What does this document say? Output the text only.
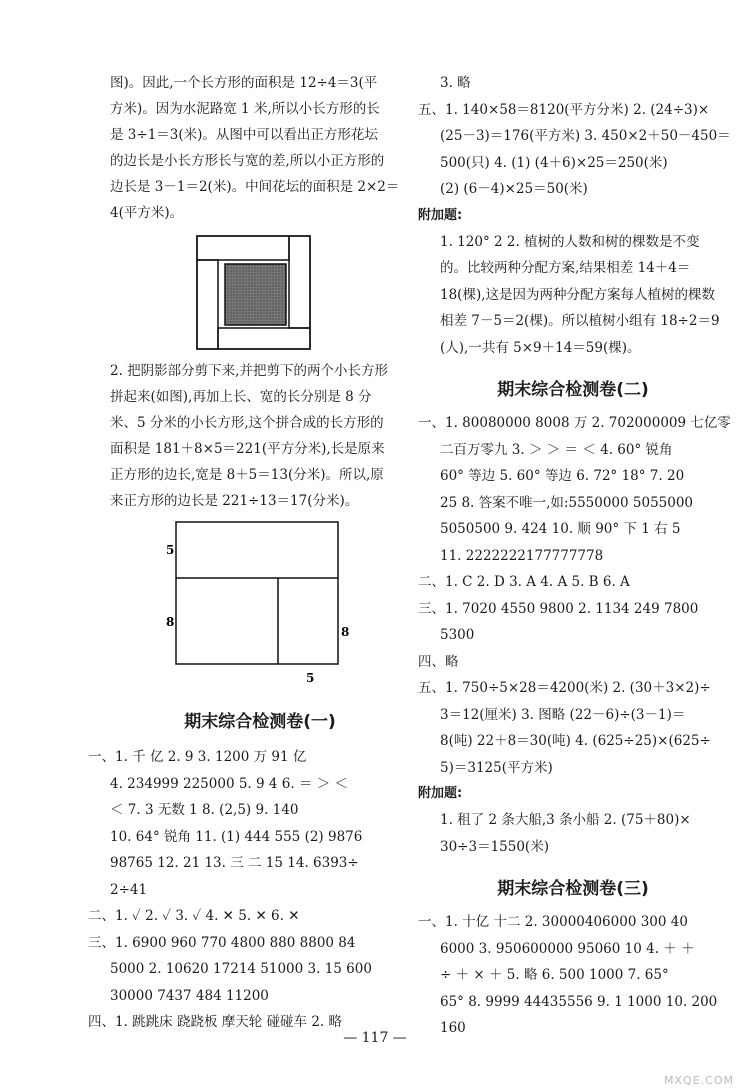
图)。因此,一个长方形的面积是 12÷4＝3(平

方米)。因为水泥路宽 1 米,所以小长方形的长

是 3÷1＝3(米)。从图中可以看出正方形花坛

的边长是小长方形长与宽的差,所以小正方形的

边长是 3－1＝2(米)。中间花坛的面积是 2×2＝

4(平方米)。

2. 把阴影部分剪下来,并把剪下的两个小长方形

拼起来(如图),再加上长、宽的长分别是 8 分

米、5 分米的小长方形,这个拼合成的长方形的

面积是 181＋8×5＝221(平方分米),长是原来

正方形的边长,宽是 8＋5＝13(分米)。所以,原

来正方形的边长是 221÷13＝17(分米)。

5
8
8
5

期末综合检测卷(一)

一、1. 千 亿 2. 9 3. 1200 万 91 亿

4. 234999 225000 5. 9 4 6. ＝ ＞ ＜

＜ 7. 3 无数 1 8. (2,5) 9. 140

10. 64° 锐角 11. (1) 444 555 (2) 9876

98765 12. 21 13. 三 二 15 14. 6393÷

2÷41

二、1. ✓ 2. ✓ 3. ✓ 4. ✕ 5. ✕ 6. ✕

三、1. 6900 960 770 4800 880 8800 84

5000 2. 10620 17214 51000 3. 15 600

30000 7437 484 11200

四、1. 跳跳床 跷跷板 摩天轮 碰碰车 2. 略

3. 略

五、1. 140×58＝8120(平方分米) 2. (24÷3)×

(25－3)＝176(平方米) 3. 450×2＋50－450＝

500(只) 4. (1) (4＋6)×25＝250(米)

(2) (6－4)×25＝50(米)

附加题:

1. 120° 2 2. 植树的人数和树的棵数是不变

的。比较两种分配方案,结果相差 14＋4＝

18(棵),这是因为两种分配方案每人植树的棵数

相差 7－5＝2(棵)。所以植树小组有 18÷2＝9

(人),一共有 5×9＋14＝59(棵)。

期末综合检测卷(二)

一、1. 80080000 8008 万 2. 702000009 七亿零

二百万零九 3. ＞ ＞ ＝ ＜ 4. 60° 锐角

60° 等边 5. 60° 等边 6. 72° 18° 7. 20

25 8. 答案不唯一,如:5550000 5055000

5050500 9. 424 10. 顺 90° 下 1 右 5

11. 2222222177777778

二、1. C 2. D 3. A 4. A 5. B 6. A

三、1. 7020 4550 9800 2. 1134 249 7800

5300

四、略

五、1. 750÷5×28＝4200(米) 2. (30＋3×2)÷

3＝12(厘米) 3. 图略 (22－6)÷(3－1)＝

8(吨) 22＋8＝30(吨) 4. (625÷25)×(625÷

5)＝3125(平方米)

附加题:

1. 租了 2 条大船,3 条小船 2. (75＋80)×

30÷3＝1550(米)

期末综合检测卷(三)

一、1. 十亿 十二 2. 30000406000 300 40

6000 3. 950600000 95060 10 4. ＋ ＋

÷ ＋ × ＋ 5. 略 6. 500 1000 7. 65°

65° 8. 9999 44435556 9. 1 1000 10. 200

160

— 117 —
MXQE.COM
